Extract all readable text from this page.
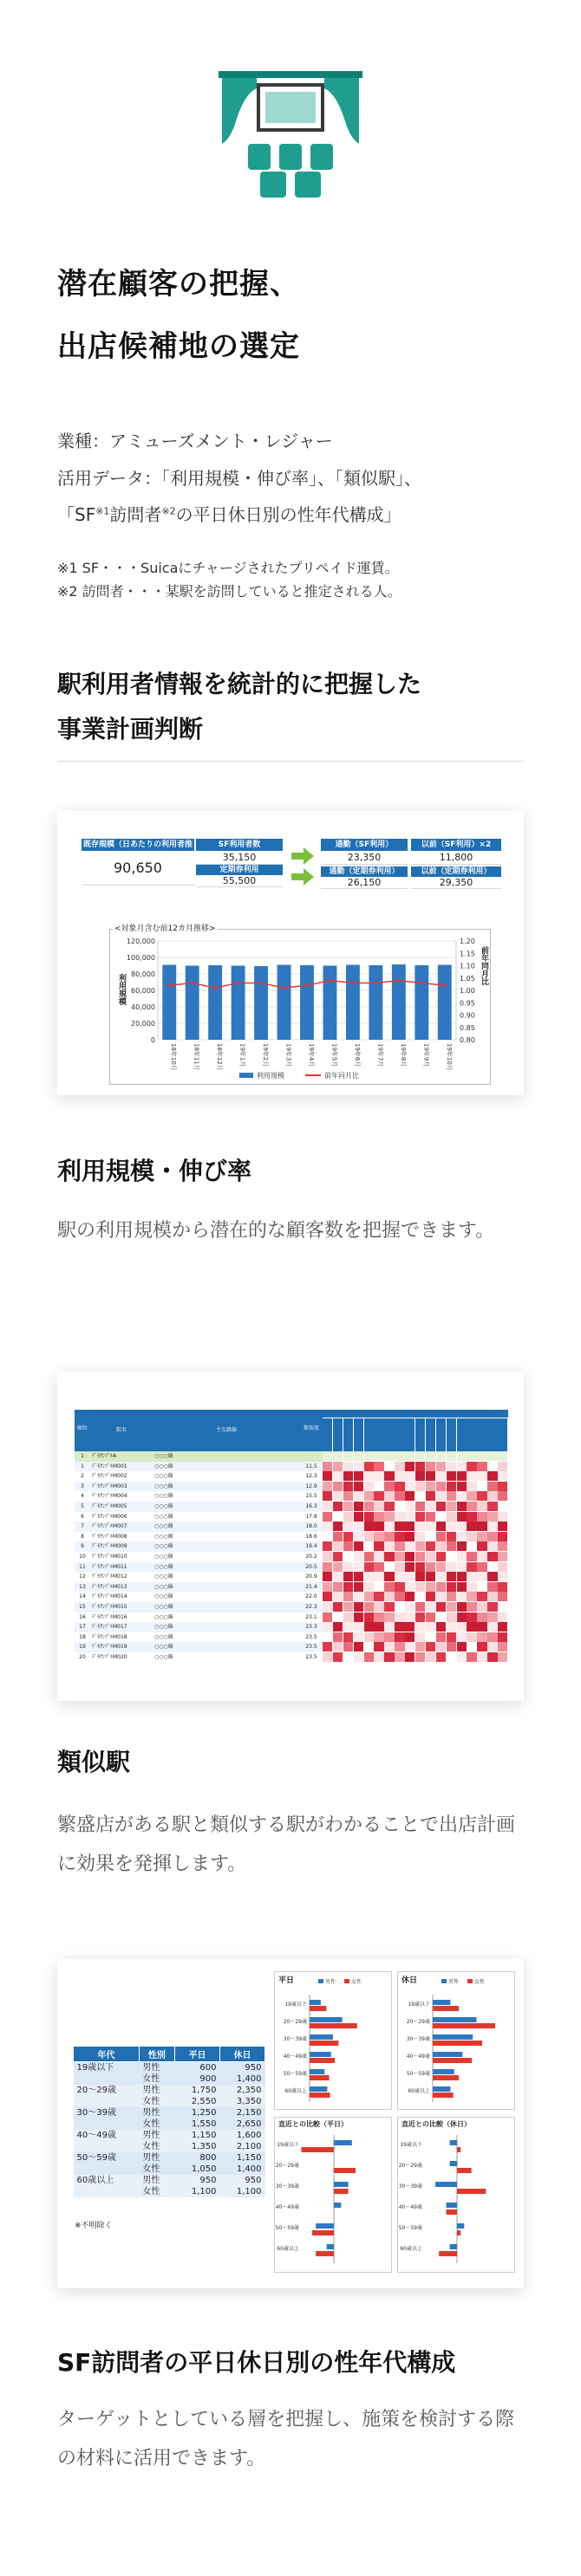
潜在顧客の把握、
出店候補地の選定
業種：アミューズメント・レジャー
活用データ：「利用規模・伸び率」、「類似駅」、
「SF$^{※1}$訪問者$^{※2}$の平日休日別の性年代構成」
※1 SF・・・Suicaにチャージされたプリペイド運賃。
※2 訪問者・・・某駅を訪問していると推定される人。
駅利用者情報を統計的に把握した
事業計画判断
既存規模（日あたりの利用者推計）
90,650
SF利用者数
35,150
定期券利用
55,500
通勤（SF利用）
23,350
以前（SF利用）×2
11,800
通勤（定期券利用）
26,150
以前（定期券利用）
29,350
<対象月含む前12カ月推移>
120,000
100,000
80,000
60,000
40,000
20,000
0
1.20
1.15
1.10
1.05
1.00
0.95
0.90
0.85
0.80
18年10月	18年11月	18年12月	19年1月	19年2月	19年3月	19年4月	19年5月	19年6月	19年7月	19年8月	19年9月	19年10月
利用規模
前年同月比
利用規模	前年同月比
利用規模・伸び率
駅の利用規模から潜在的な顧客数を把握できます。
順位	駅名	主な路線	類似度
1	ﾃﾞﾓｻﾝﾌﾟﾙA	○○○線
1	ﾃﾞﾓｻﾝﾌﾟﾙM001	○○○線	11.5
2	ﾃﾞﾓｻﾝﾌﾟﾙM002	○○○線	12.3
3	ﾃﾞﾓｻﾝﾌﾟﾙM003	○○○線	12.9
4	ﾃﾞﾓｻﾝﾌﾟﾙM004	○○○線	15.5
5	ﾃﾞﾓｻﾝﾌﾟﾙM005	○○○線	16.3
6	ﾃﾞﾓｻﾝﾌﾟﾙM006	○○○線	17.8
7	ﾃﾞﾓｻﾝﾌﾟﾙM007	○○○線	18.0
8	ﾃﾞﾓｻﾝﾌﾟﾙM008	○○○線	18.6
9	ﾃﾞﾓｻﾝﾌﾟﾙM009	○○○線	19.4
10	ﾃﾞﾓｻﾝﾌﾟﾙM010	○○○線	20.2
11	ﾃﾞﾓｻﾝﾌﾟﾙM011	○○○線	20.5
12	ﾃﾞﾓｻﾝﾌﾟﾙM012	○○○線	20.9
13	ﾃﾞﾓｻﾝﾌﾟﾙM013	○○○線	21.4
14	ﾃﾞﾓｻﾝﾌﾟﾙM014	○○○線	22.0
15	ﾃﾞﾓｻﾝﾌﾟﾙM015	○○○線	22.3
16	ﾃﾞﾓｻﾝﾌﾟﾙM016	○○○線	23.1
17	ﾃﾞﾓｻﾝﾌﾟﾙM017	○○○線	23.3
18	ﾃﾞﾓｻﾝﾌﾟﾙM018	○○○線	23.5
19	ﾃﾞﾓｻﾝﾌﾟﾙM019	○○○線	23.5
20	ﾃﾞﾓｻﾝﾌﾟﾙM020	○○○線	23.5
類似駅
繁盛店がある駅と類似する駅がわかることで出店計画に効果を発揮します。
年代	性別	平日	休日
19歳以下	男性	600	950
	女性	900	1,400
20〜29歳	男性	1,750	2,350
	女性	2,550	3,350
30〜39歳	男性	1,250	2,150
	女性	1,550	2,650
40〜49歳	男性	1,150	1,600
	女性	1,350	2,100
50〜59歳	男性	800	1,150
	女性	1,050	1,400
60歳以上	男性	950	950
	女性	1,100	1,100
※不明除く
平日	男性	女性
19歳以下
20〜29歳
30〜39歳
40〜49歳
50〜59歳
60歳以上
休日	男性	女性
19歳以下
20〜29歳
30〜39歳
40〜49歳
50〜59歳
60歳以上
直近との比較（平日）
19歳以下
20〜29歳
30〜39歳
40〜49歳
50〜59歳
60歳以上
直近との比較（休日）
19歳以下
20〜29歳
30〜39歳
40〜49歳
50〜59歳
60歳以上
SF訪問者の平日休日別の性年代構成
ターゲットとしている層を把握し、施策を検討する際の材料に活用できます。
